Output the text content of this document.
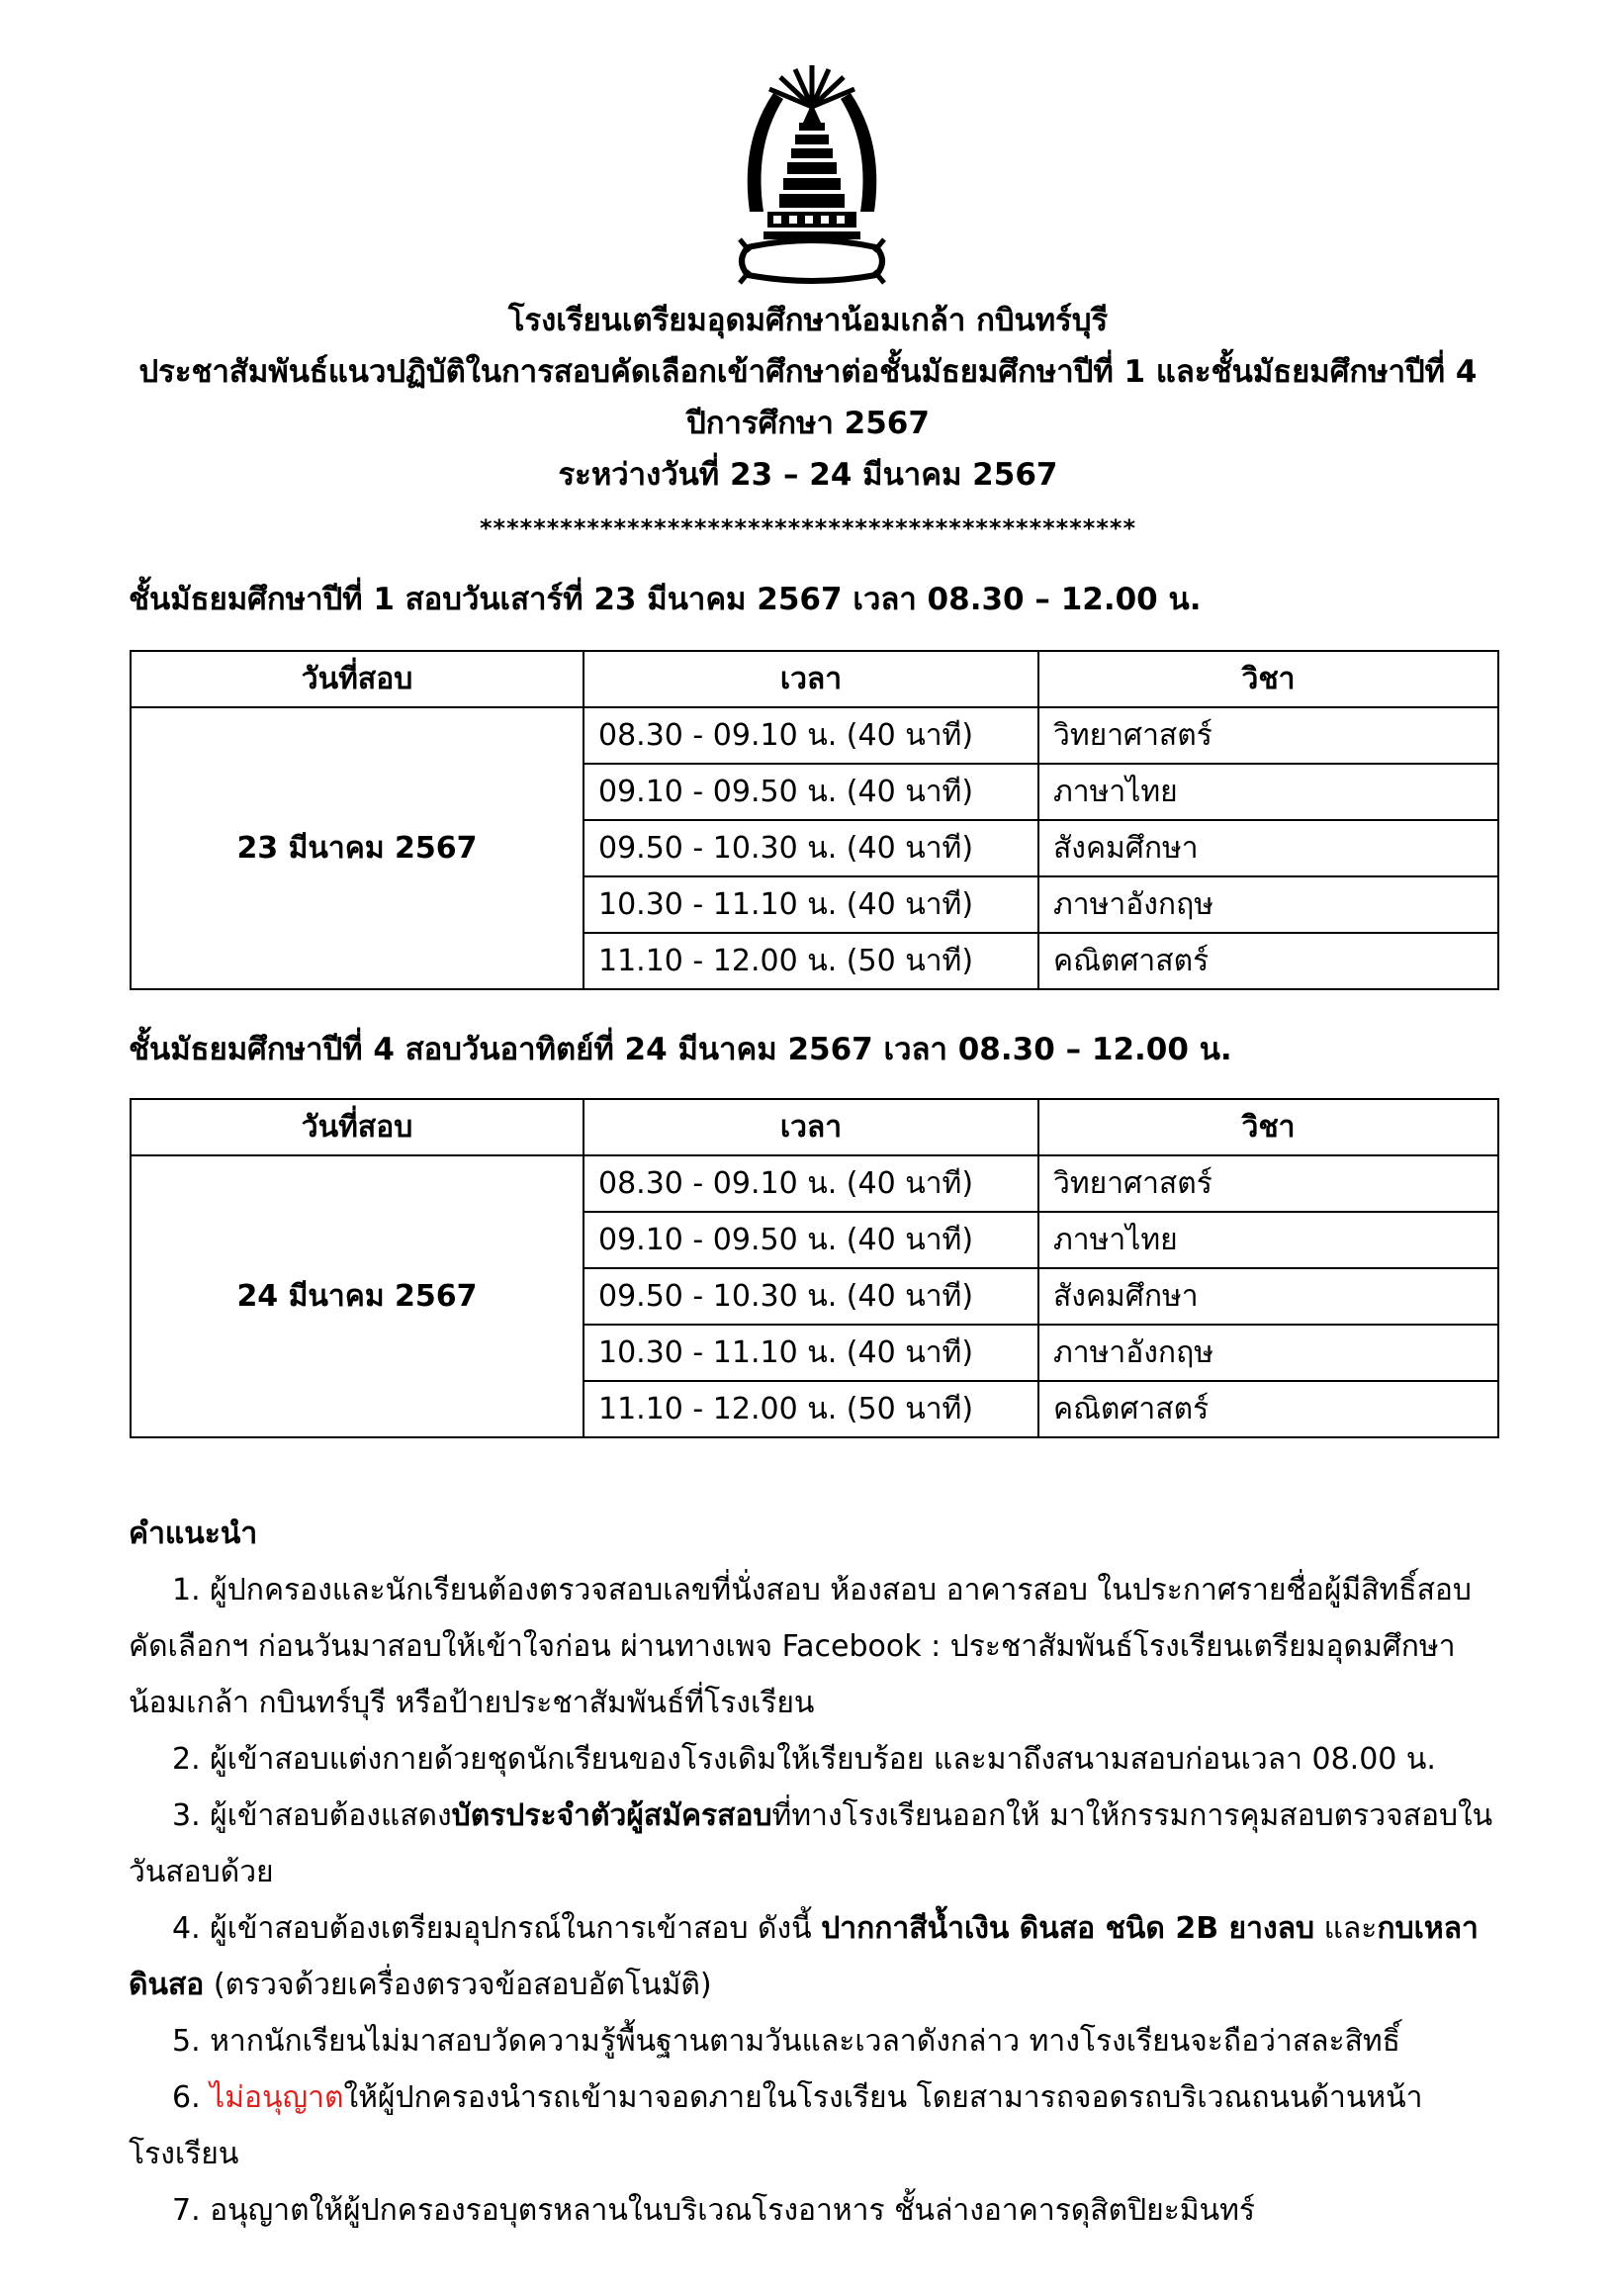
โรงเรียนเตรียมอุดมศึกษาน้อมเกล้า กบินทร์บุรี
ประชาสัมพันธ์แนวปฏิบัติในการสอบคัดเลือกเข้าศึกษาต่อชั้นมัธยมศึกษาปีที่ 1 และชั้นมัธยมศึกษาปีที่ 4
ปีการศึกษา 2567
ระหว่างวันที่ 23 – 24 มีนาคม 2567
*************************************************
ชั้นมัธยมศึกษาปีที่ 1 สอบวันเสาร์ที่ 23 มีนาคม 2567 เวลา 08.30 – 12.00 น.
วันที่สอบ	เวลา	วิชา
23 มีนาคม 2567	08.30 - 09.10 น. (40 นาที)	วิทยาศาสตร์
	09.10 - 09.50 น. (40 นาที)	ภาษาไทย
	09.50 - 10.30 น. (40 นาที)	สังคมศึกษา
	10.30 - 11.10 น. (40 นาที)	ภาษาอังกฤษ
	11.10 - 12.00 น. (50 นาที)	คณิตศาสตร์
ชั้นมัธยมศึกษาปีที่ 4 สอบวันอาทิตย์ที่ 24 มีนาคม 2567 เวลา 08.30 – 12.00 น.
วันที่สอบ	เวลา	วิชา
24 มีนาคม 2567	08.30 - 09.10 น. (40 นาที)	วิทยาศาสตร์
	09.10 - 09.50 น. (40 นาที)	ภาษาไทย
	09.50 - 10.30 น. (40 นาที)	สังคมศึกษา
	10.30 - 11.10 น. (40 นาที)	ภาษาอังกฤษ
	11.10 - 12.00 น. (50 นาที)	คณิตศาสตร์
คำแนะนำ
1. ผู้ปกครองและนักเรียนต้องตรวจสอบเลขที่นั่งสอบ ห้องสอบ อาคารสอบ ในประกาศรายชื่อผู้มีสิทธิ์สอบคัดเลือกฯ ก่อนวันมาสอบให้เข้าใจก่อน ผ่านทางเพจ Facebook : ประชาสัมพันธ์โรงเรียนเตรียมอุดมศึกษาน้อมเกล้า กบินทร์บุรี หรือป้ายประชาสัมพันธ์ที่โรงเรียน
2. ผู้เข้าสอบแต่งกายด้วยชุดนักเรียนของโรงเดิมให้เรียบร้อย และมาถึงสนามสอบก่อนเวลา 08.00 น.
3. ผู้เข้าสอบต้องแสดงบัตรประจำตัวผู้สมัครสอบที่ทางโรงเรียนออกให้ มาให้กรรมการคุมสอบตรวจสอบในวันสอบด้วย
4. ผู้เข้าสอบต้องเตรียมอุปกรณ์ในการเข้าสอบ ดังนี้ ปากกาสีน้ำเงิน ดินสอ ชนิด 2B ยางลบ และกบเหลาดินสอ (ตรวจด้วยเครื่องตรวจข้อสอบอัตโนมัติ)
5. หากนักเรียนไม่มาสอบวัดความรู้พื้นฐานตามวันและเวลาดังกล่าว ทางโรงเรียนจะถือว่าสละสิทธิ์
6. ไม่อนุญาตให้ผู้ปกครองนำรถเข้ามาจอดภายในโรงเรียน โดยสามารถจอดรถบริเวณถนนด้านหน้าโรงเรียน
7. อนุญาตให้ผู้ปกครองรอบุตรหลานในบริเวณโรงอาหาร ชั้นล่างอาคารดุสิตปิยะมินทร์
